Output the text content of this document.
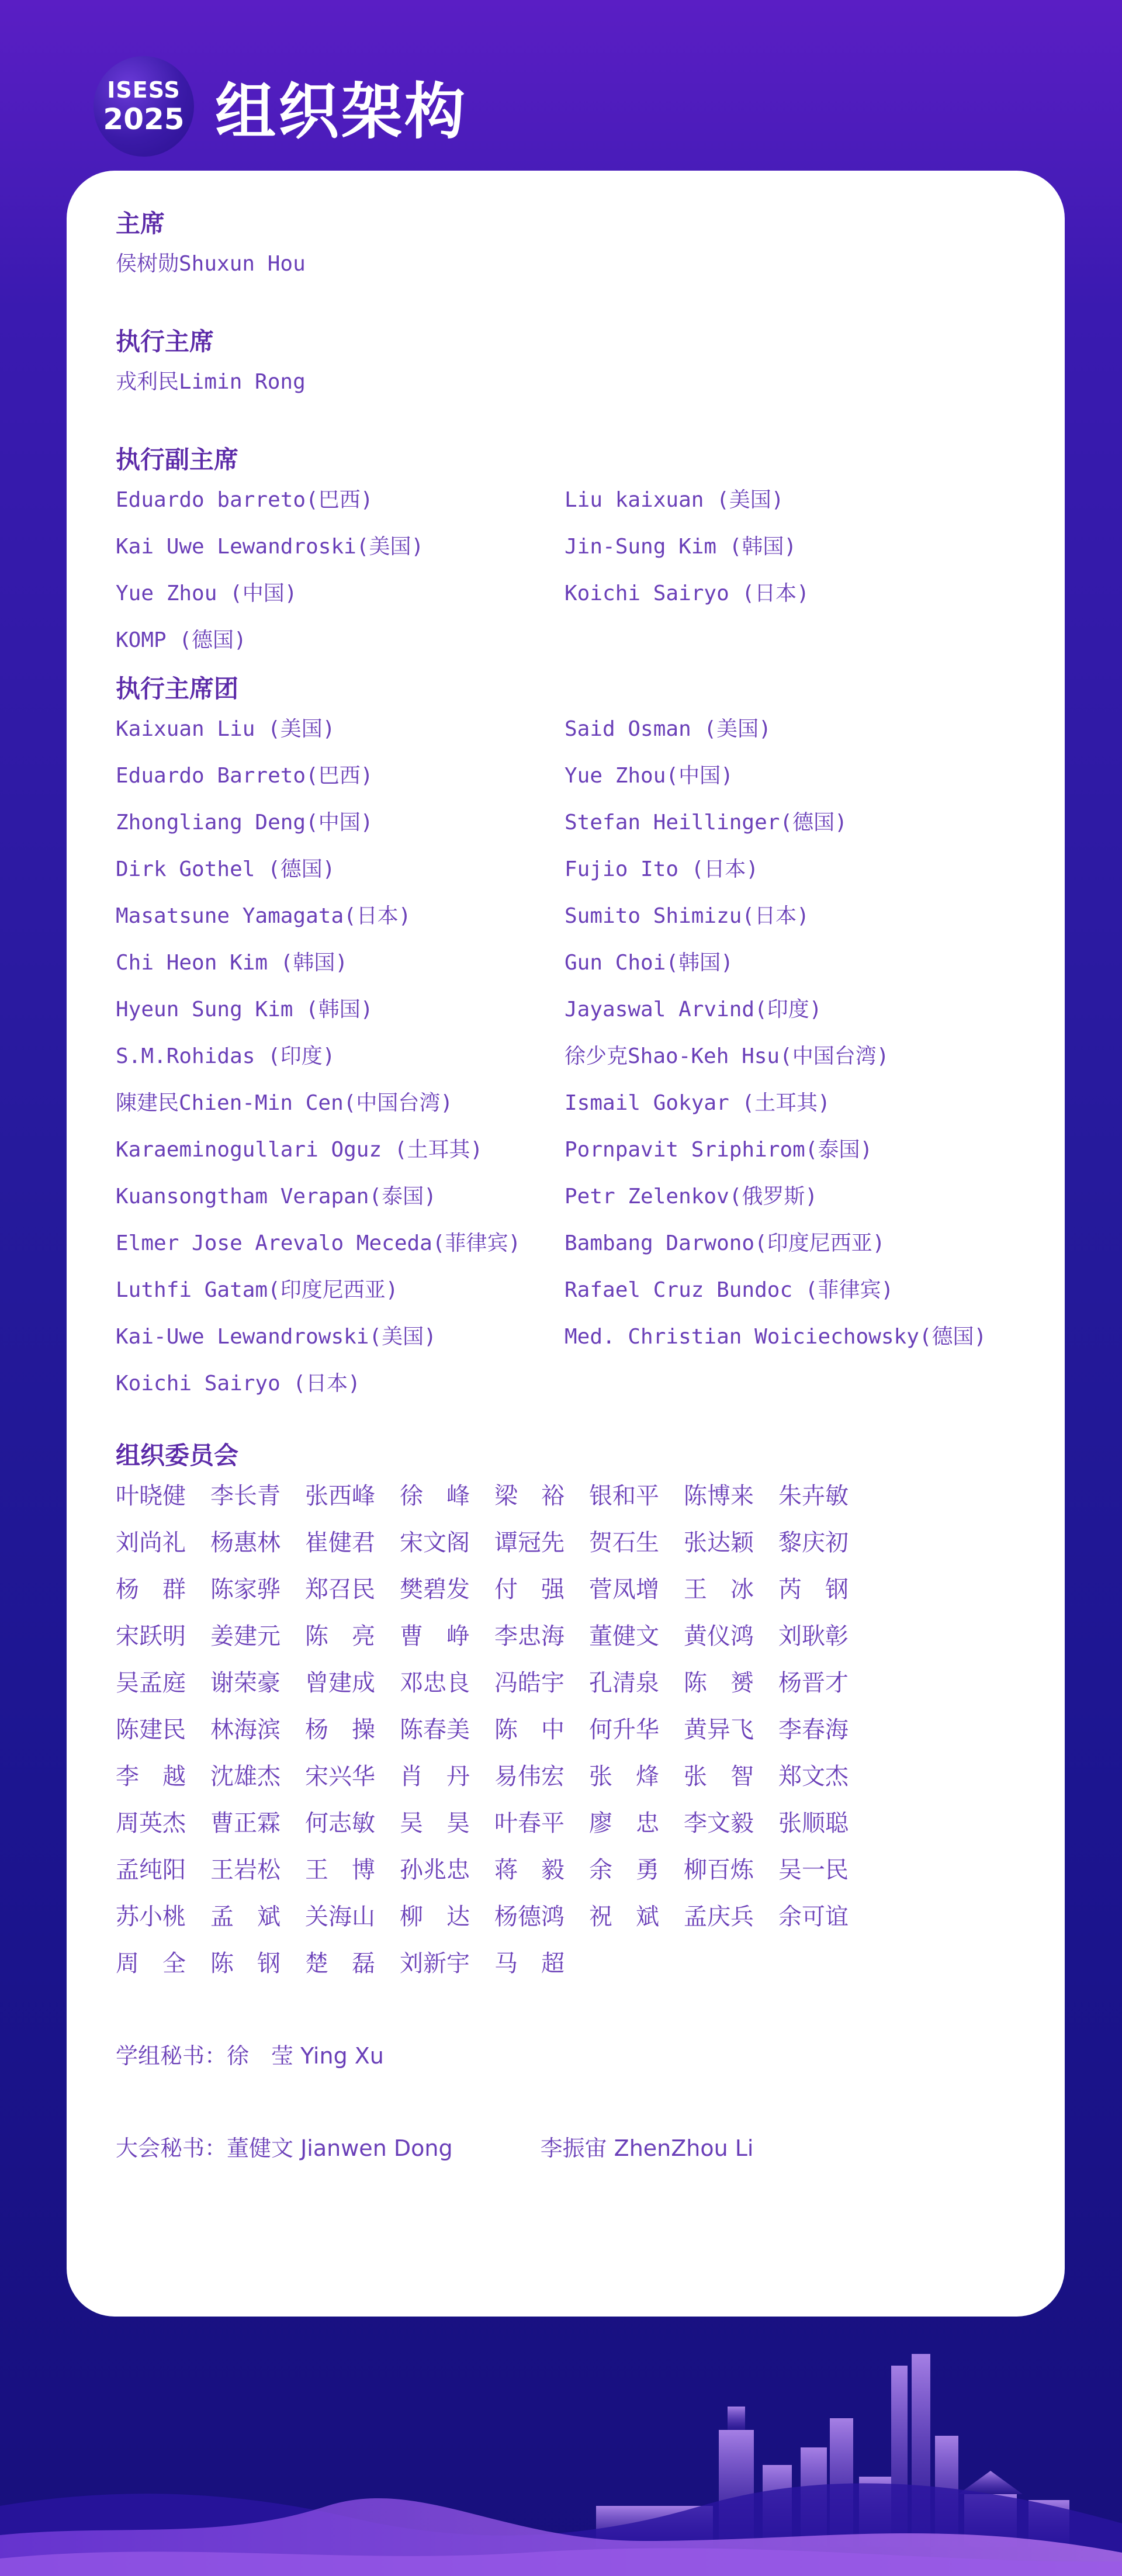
ISESS
2025 组织架构
主席
侯树勋Shuxun Hou
执行主席
戎利民Limin Rong
执行副主席
Eduardo barreto(巴西)	Liu kaixuan (美国)
Kai Uwe Lewandroski(美国)	Jin-Sung Kim (韩国)
Yue Zhou (中国)	Koichi Sairyo (日本)
KOMP (德国)
执行主席团
Kaixuan Liu (美国)	Said Osman (美国)
Eduardo Barreto(巴西)	Yue Zhou(中国)
Zhongliang Deng(中国)	Stefan Heillinger(德国)
Dirk Gothel (德国)	Fujio Ito (日本)
Masatsune Yamagata(日本)	Sumito Shimizu(日本)
Chi Heon Kim (韩国)	Gun Choi(韩国)
Hyeun Sung Kim (韩国)	Jayaswal Arvind(印度)
S.M.Rohidas (印度)	徐少克Shao-Keh Hsu(中国台湾)
陳建民Chien-Min Cen(中国台湾)	Ismail Gokyar (土耳其)
Karaeminogullari Oguz (土耳其)	Pornpavit Sriphirom(泰国)
Kuansongtham Verapan(泰国)	Petr Zelenkov(俄罗斯)
Elmer Jose Arevalo Meceda(菲律宾)	Bambang Darwono(印度尼西亚)
Luthfi Gatam(印度尼西亚)	Rafael Cruz Bundoc (菲律宾)
Kai-Uwe Lewandrowski(美国)	Med. Christian Woiciechowsky(德国)
Koichi Sairyo (日本)
组织委员会
叶晓健	李长青	张西峰	徐　峰	梁　裕	银和平	陈博来	朱卉敏
刘尚礼	杨惠林	崔健君	宋文阁	谭冠先	贺石生	张达颖	黎庆初
杨　群	陈家骅	郑召民	樊碧发	付　强	菅凤增	王　冰	芮　钢
宋跃明	姜建元	陈　亮	曹　峥	李忠海	董健文	黄仪鸿	刘耿彰
吴孟庭	谢荣豪	曾建成	邓忠良	冯皓宇	孔清泉	陈　赟	杨晋才
陈建民	林海滨	杨　操	陈春美	陈　中	何升华	黄异飞	李春海
李　越	沈雄杰	宋兴华	肖　丹	易伟宏	张　烽	张　智	郑文杰
周英杰	曹正霖	何志敏	吴　昊	叶春平	廖　忠	李文毅	张顺聪
孟纯阳	王岩松	王　博	孙兆忠	蒋　毅	余　勇	柳百炼	吴一民
苏小桃	孟　斌	关海山	柳　达	杨德鸿	祝　斌	孟庆兵	余可谊
周　全	陈　钢	楚　磊	刘新宇	马　超
学组秘书：徐　莹 Ying Xu
大会秘书：董健文 Jianwen Dong	李振宙 ZhenZhou Li
